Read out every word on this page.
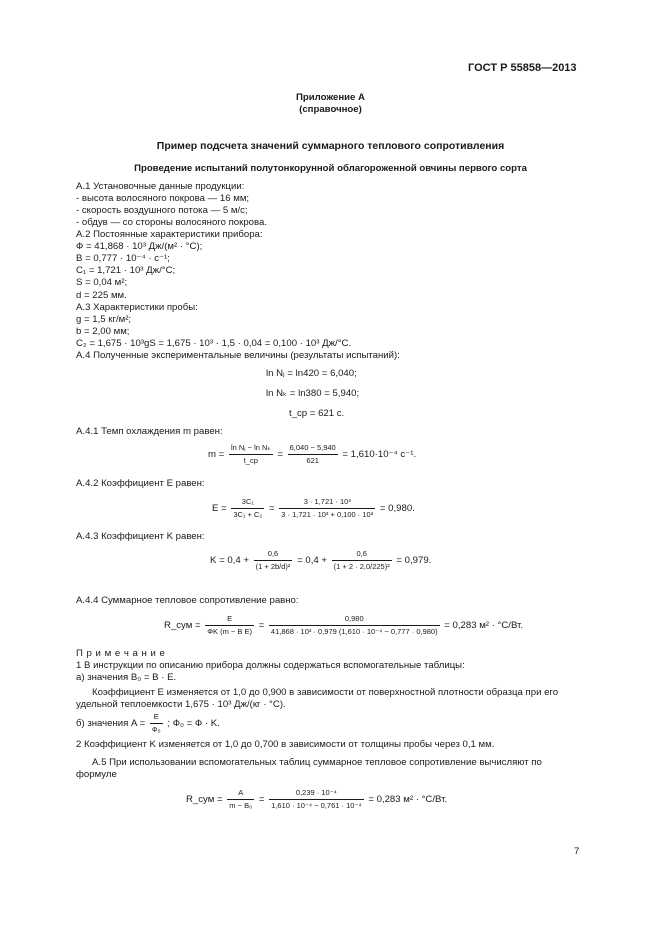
ГОСТ Р 55858—2013
Приложение А
(справочное)
Пример подсчета значений суммарного теплового сопротивления
Проведение испытаний полутонкорунной облагороженной овчины первого сорта
А.1 Установочные данные продукции:
- высота волосяного покрова — 16 мм;
- скорость воздушного потока — 5 м/с;
- обдув — со стороны волосяного покрова.
А.2 Постоянные характеристики прибора:
Ф = 41,868 · 10³ Дж/(м² · °С);
B = 0,777 · 10⁻⁴ · с⁻¹;
C₁ = 1,721 · 10³ Дж/°С;
S = 0,04 м²;
d = 225 мм.
А.3 Характеристики пробы:
g = 1,5 кг/м²;
b = 2,00 мм;
C₂ = 1,675 · 10³gS = 1,675 · 10³ · 1,5 · 0,04 = 0,100 · 10³ Дж/°С.
А.4 Полученные экспериментальные величины (результаты испытаний):
ln Nⱼ = ln420 = 6,040;
ln Nₖ = ln380 = 5,940;
t_ср = 621 с.
А.4.1 Темп охлаждения m равен:
$m = \frac{\text{ln Nⱼ − ln Nₖ}}{t\_ср} = \frac{6,040 - 5,940}{621} = 1,610\cdot 10^{-4}$ с⁻¹.
А.4.2 Коэффициент E равен:
$E = \frac{\text{3C₁}}{\text{3C₁ + C₂}} = \frac{\text{3 · 1,721 · 10³}}{\text{3 · 1,721 · 10³ + 0,100 · 10³}} = 0,980$.
А.4.3 Коэффициент K равен:
$K = 0,4 + \frac{0,6}{\text{(1 + 2b/d)²}} = 0,4 + \frac{0,6}{\text{(1 + 2 · 2,0/225)²}} = 0,979$.
А.4.4 Суммарное тепловое сопротивление равно:
R_сум = $\frac{E}{\text{ФK (m − B E)}} = \frac{0,980}{\text{41,868 · 10³ · 0,979 (1,610 · 10⁻⁴ − 0,777 · 0,980)}} = 0,283$ м² · °С/Вт.
П р и м е ч а н и е
1 В инструкции по описанию прибора должны содержаться вспомогательные таблицы:
а) значения B₀ = B · E.
Коэффициент E изменяется от 1,0 до 0,900 в зависимости от поверхностной плотности образца при его
удельной теплоемкости 1,675 · 10³ Дж/(кг · °С).
б) значения $A = \frac{E}{\text{Ф₀}}$ ; Ф₀ = Ф · K.
2 Коэффициент K изменяется от 1,0 до 0,700 в зависимости от толщины пробы через 0,1 мм.
А.5 При использовании вспомогательных таблиц суммарное тепловое сопротивление вычисляют по
формуле
R_сум = $\frac{A}{\text{m − B₀}} = \frac{\text{0,239 · 10⁻⁴}}{\text{1,610 · 10⁻⁴ − 0,761 · 10⁻⁴}} = 0,283$ м² · °С/Вт.
7
